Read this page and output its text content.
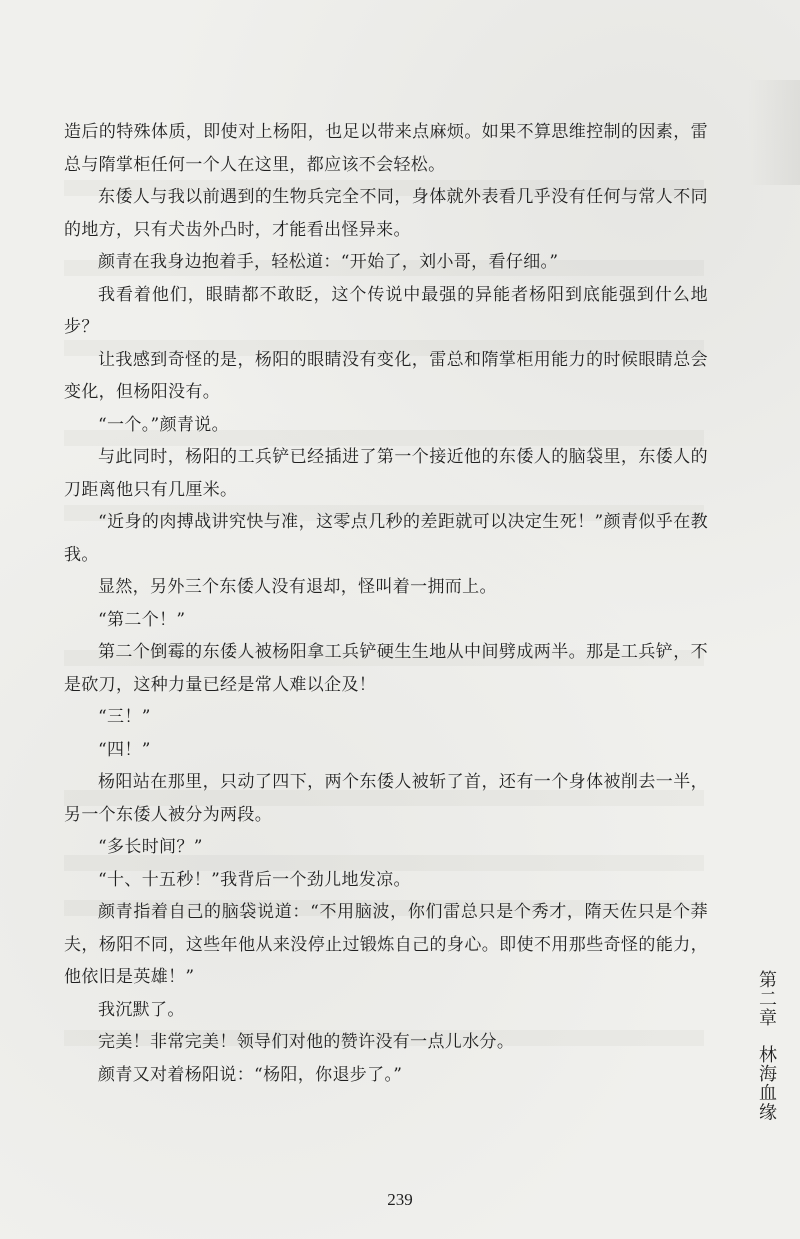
造后的特殊体质，即使对上杨阳，也足以带来点麻烦。如果不算思维控制的因素，雷总与隋掌柜任何一个人在这里，都应该不会轻松。

东倭人与我以前遇到的生物兵完全不同，身体就外表看几乎没有任何与常人不同的地方，只有犬齿外凸时，才能看出怪异来。

颜青在我身边抱着手，轻松道：“开始了，刘小哥，看仔细。”

我看着他们，眼睛都不敢眨，这个传说中最强的异能者杨阳到底能强到什么地步？

让我感到奇怪的是，杨阳的眼睛没有变化，雷总和隋掌柜用能力的时候眼睛总会变化，但杨阳没有。

“一个。”颜青说。

与此同时，杨阳的工兵铲已经插进了第一个接近他的东倭人的脑袋里，东倭人的刀距离他只有几厘米。

“近身的肉搏战讲究快与准，这零点几秒的差距就可以决定生死！”颜青似乎在教我。

显然，另外三个东倭人没有退却，怪叫着一拥而上。

“第二个！”

第二个倒霉的东倭人被杨阳拿工兵铲硬生生地从中间劈成两半。那是工兵铲，不是砍刀，这种力量已经是常人难以企及！

“三！”

“四！”

杨阳站在那里，只动了四下，两个东倭人被斩了首，还有一个身体被削去一半，另一个东倭人被分为两段。

“多长时间？”

“十、十五秒！”我背后一个劲儿地发凉。

颜青指着自己的脑袋说道：“不用脑波，你们雷总只是个秀才，隋天佐只是个莽夫，杨阳不同，这些年他从来没停止过锻炼自己的身心。即使不用那些奇怪的能力，他依旧是英雄！”

我沉默了。

完美！非常完美！领导们对他的赞许没有一点儿水分。

颜青又对着杨阳说：“杨阳，你退步了。”

第二章林海血缘
239
